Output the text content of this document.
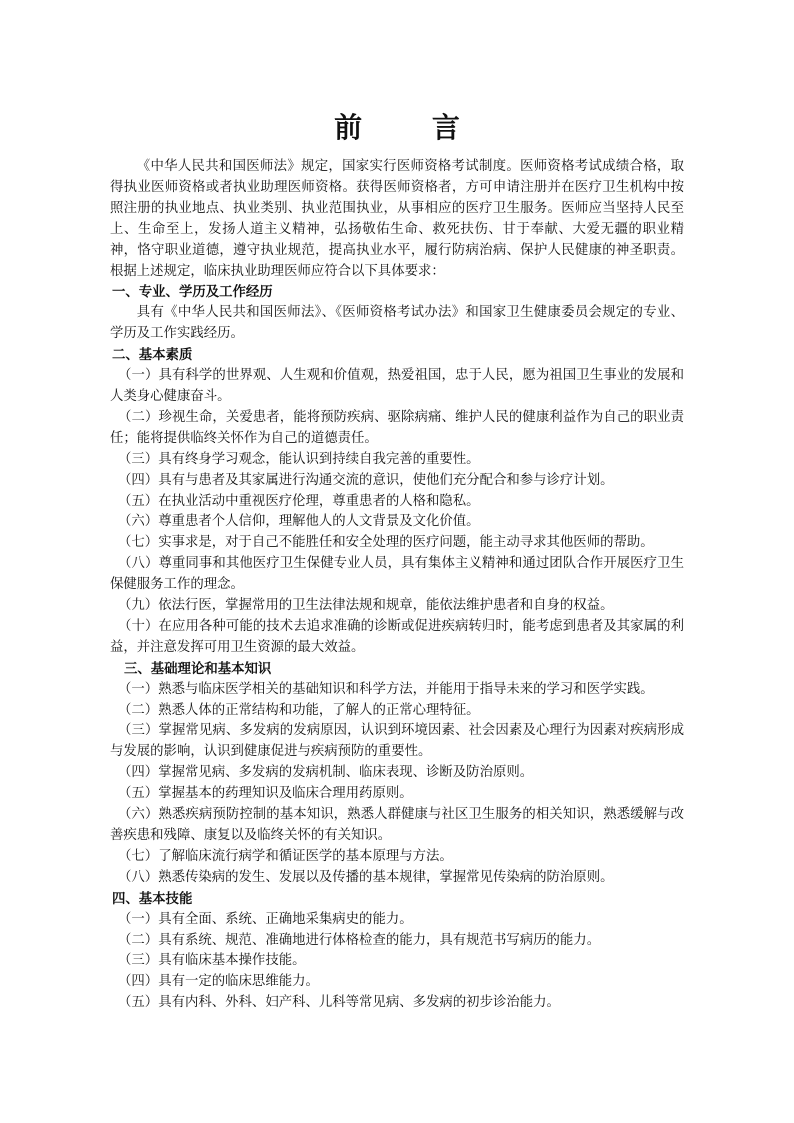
前 言

《中华人民共和国医师法》规定，国家实行医师资格考试制度。医师资格考试成绩合格，取得执业医师资格或者执业助理医师资格。获得医师资格者，方可申请注册并在医疗卫生机构中按照注册的执业地点、执业类别、执业范围执业，从事相应的医疗卫生服务。医师应当坚持人民至上、生命至上，发扬人道主义精神，弘扬敬佑生命、救死扶伤、甘于奉献、大爱无疆的职业精神，恪守职业道德，遵守执业规范，提高执业水平，履行防病治病、保护人民健康的神圣职责。根据上述规定，临床执业助理医师应符合以下具体要求：

一、专业、学历及工作经历

具有《中华人民共和国医师法》、《医师资格考试办法》和国家卫生健康委员会规定的专业、学历及工作实践经历。

二、基本素质

（一）具有科学的世界观、人生观和价值观，热爱祖国，忠于人民，愿为祖国卫生事业的发展和人类身心健康奋斗。

（二）珍视生命，关爱患者，能将预防疾病、驱除病痛、维护人民的健康利益作为自己的职业责任；能将提供临终关怀作为自己的道德责任。

（三）具有终身学习观念，能认识到持续自我完善的重要性。

（四）具有与患者及其家属进行沟通交流的意识，使他们充分配合和参与诊疗计划。

（五）在执业活动中重视医疗伦理，尊重患者的人格和隐私。

（六）尊重患者个人信仰，理解他人的人文背景及文化价值。

（七）实事求是，对于自己不能胜任和安全处理的医疗问题，能主动寻求其他医师的帮助。

（八）尊重同事和其他医疗卫生保健专业人员，具有集体主义精神和通过团队合作开展医疗卫生保健服务工作的理念。

（九）依法行医，掌握常用的卫生法律法规和规章，能依法维护患者和自身的权益。

（十）在应用各种可能的技术去追求准确的诊断或促进疾病转归时，能考虑到患者及其家属的利益，并注意发挥可用卫生资源的最大效益。

三、基础理论和基本知识

（一）熟悉与临床医学相关的基础知识和科学方法，并能用于指导未来的学习和医学实践。

（二）熟悉人体的正常结构和功能，了解人的正常心理特征。

（三）掌握常见病、多发病的发病原因，认识到环境因素、社会因素及心理行为因素对疾病形成与发展的影响，认识到健康促进与疾病预防的重要性。

（四）掌握常见病、多发病的发病机制、临床表现、诊断及防治原则。

（五）掌握基本的药理知识及临床合理用药原则。

（六）熟悉疾病预防控制的基本知识，熟悉人群健康与社区卫生服务的相关知识，熟悉缓解与改善疾患和残障、康复以及临终关怀的有关知识。

（七）了解临床流行病学和循证医学的基本原理与方法。

（八）熟悉传染病的发生、发展以及传播的基本规律，掌握常见传染病的防治原则。

四、基本技能

（一）具有全面、系统、正确地采集病史的能力。

（二）具有系统、规范、准确地进行体格检查的能力，具有规范书写病历的能力。

（三）具有临床基本操作技能。

（四）具有一定的临床思维能力。

（五）具有内科、外科、妇产科、儿科等常见病、多发病的初步诊治能力。
